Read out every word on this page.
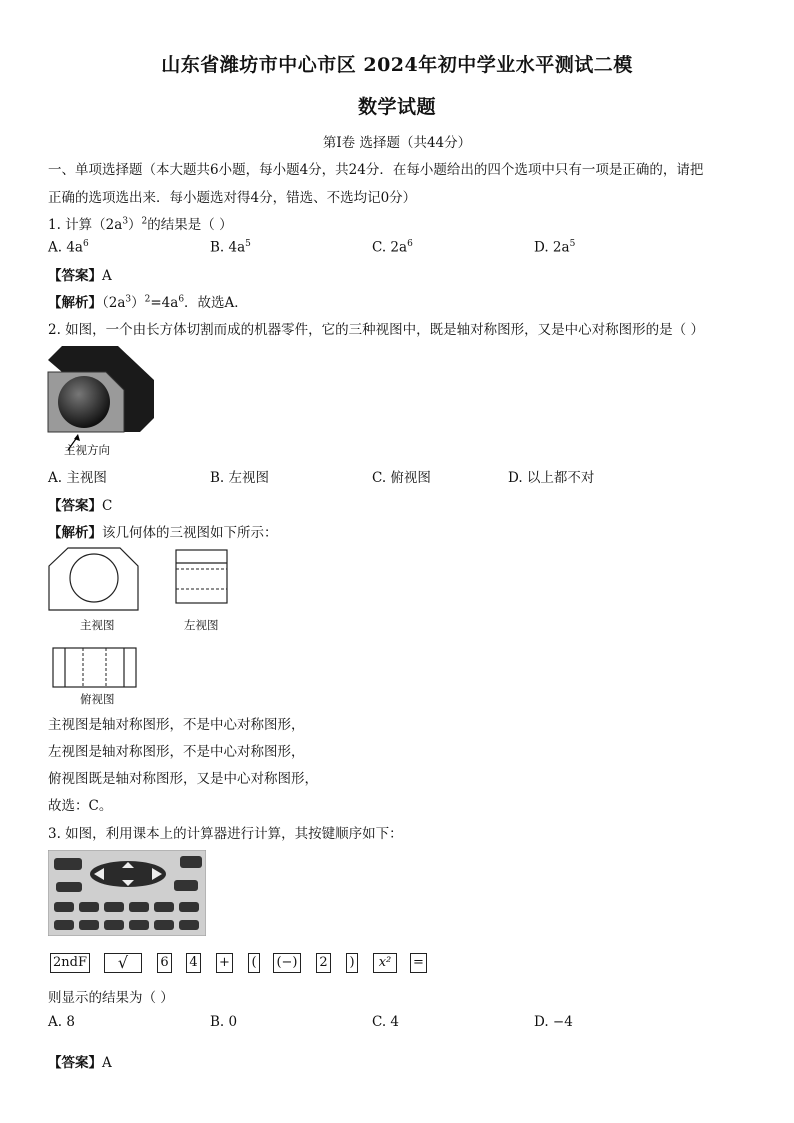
山东省潍坊市中心市区 2024年初中学业水平测试二模
数学试题
第Ⅰ卷 选择题（共44分）
一、单项选择题（本大题共6小题，每小题4分，共24分．在每小题给出的四个选项中只有一项是正确的，请把
正确的选项选出来．每小题选对得4分，错选、不选均记0分）
1. 计算$(2a^3)^2$的结果是（ ）
A. $4a^6$	B. $4a^5$	C. $2a^6$	D. $2a^5$
【答案】A
【解析】$(2a^3)^2=4a^6$．故选A．
2. 如图，一个由长方体切割而成的机器零件，它的三种视图中，既是轴对称图形，又是中心对称图形的是（ ）
主视方向
A. 主视图	B. 左视图	C. 俯视图	D. 以上都不对
【答案】C
【解析】该几何体的三视图如下所示：
主视图	左视图
俯视图
主视图是轴对称图形，不是中心对称图形，
左视图是轴对称图形，不是中心对称图形，
俯视图既是轴对称图形，又是中心对称图形，
故选：C。
3. 如图，利用课本上的计算器进行计算，其按键顺序如下：
2ndF	√	6 4 + ( (−) 2 )	x²	=
则显示的结果为（ ）
A. 8	B. 0	C. 4	D. −4
【答案】A
